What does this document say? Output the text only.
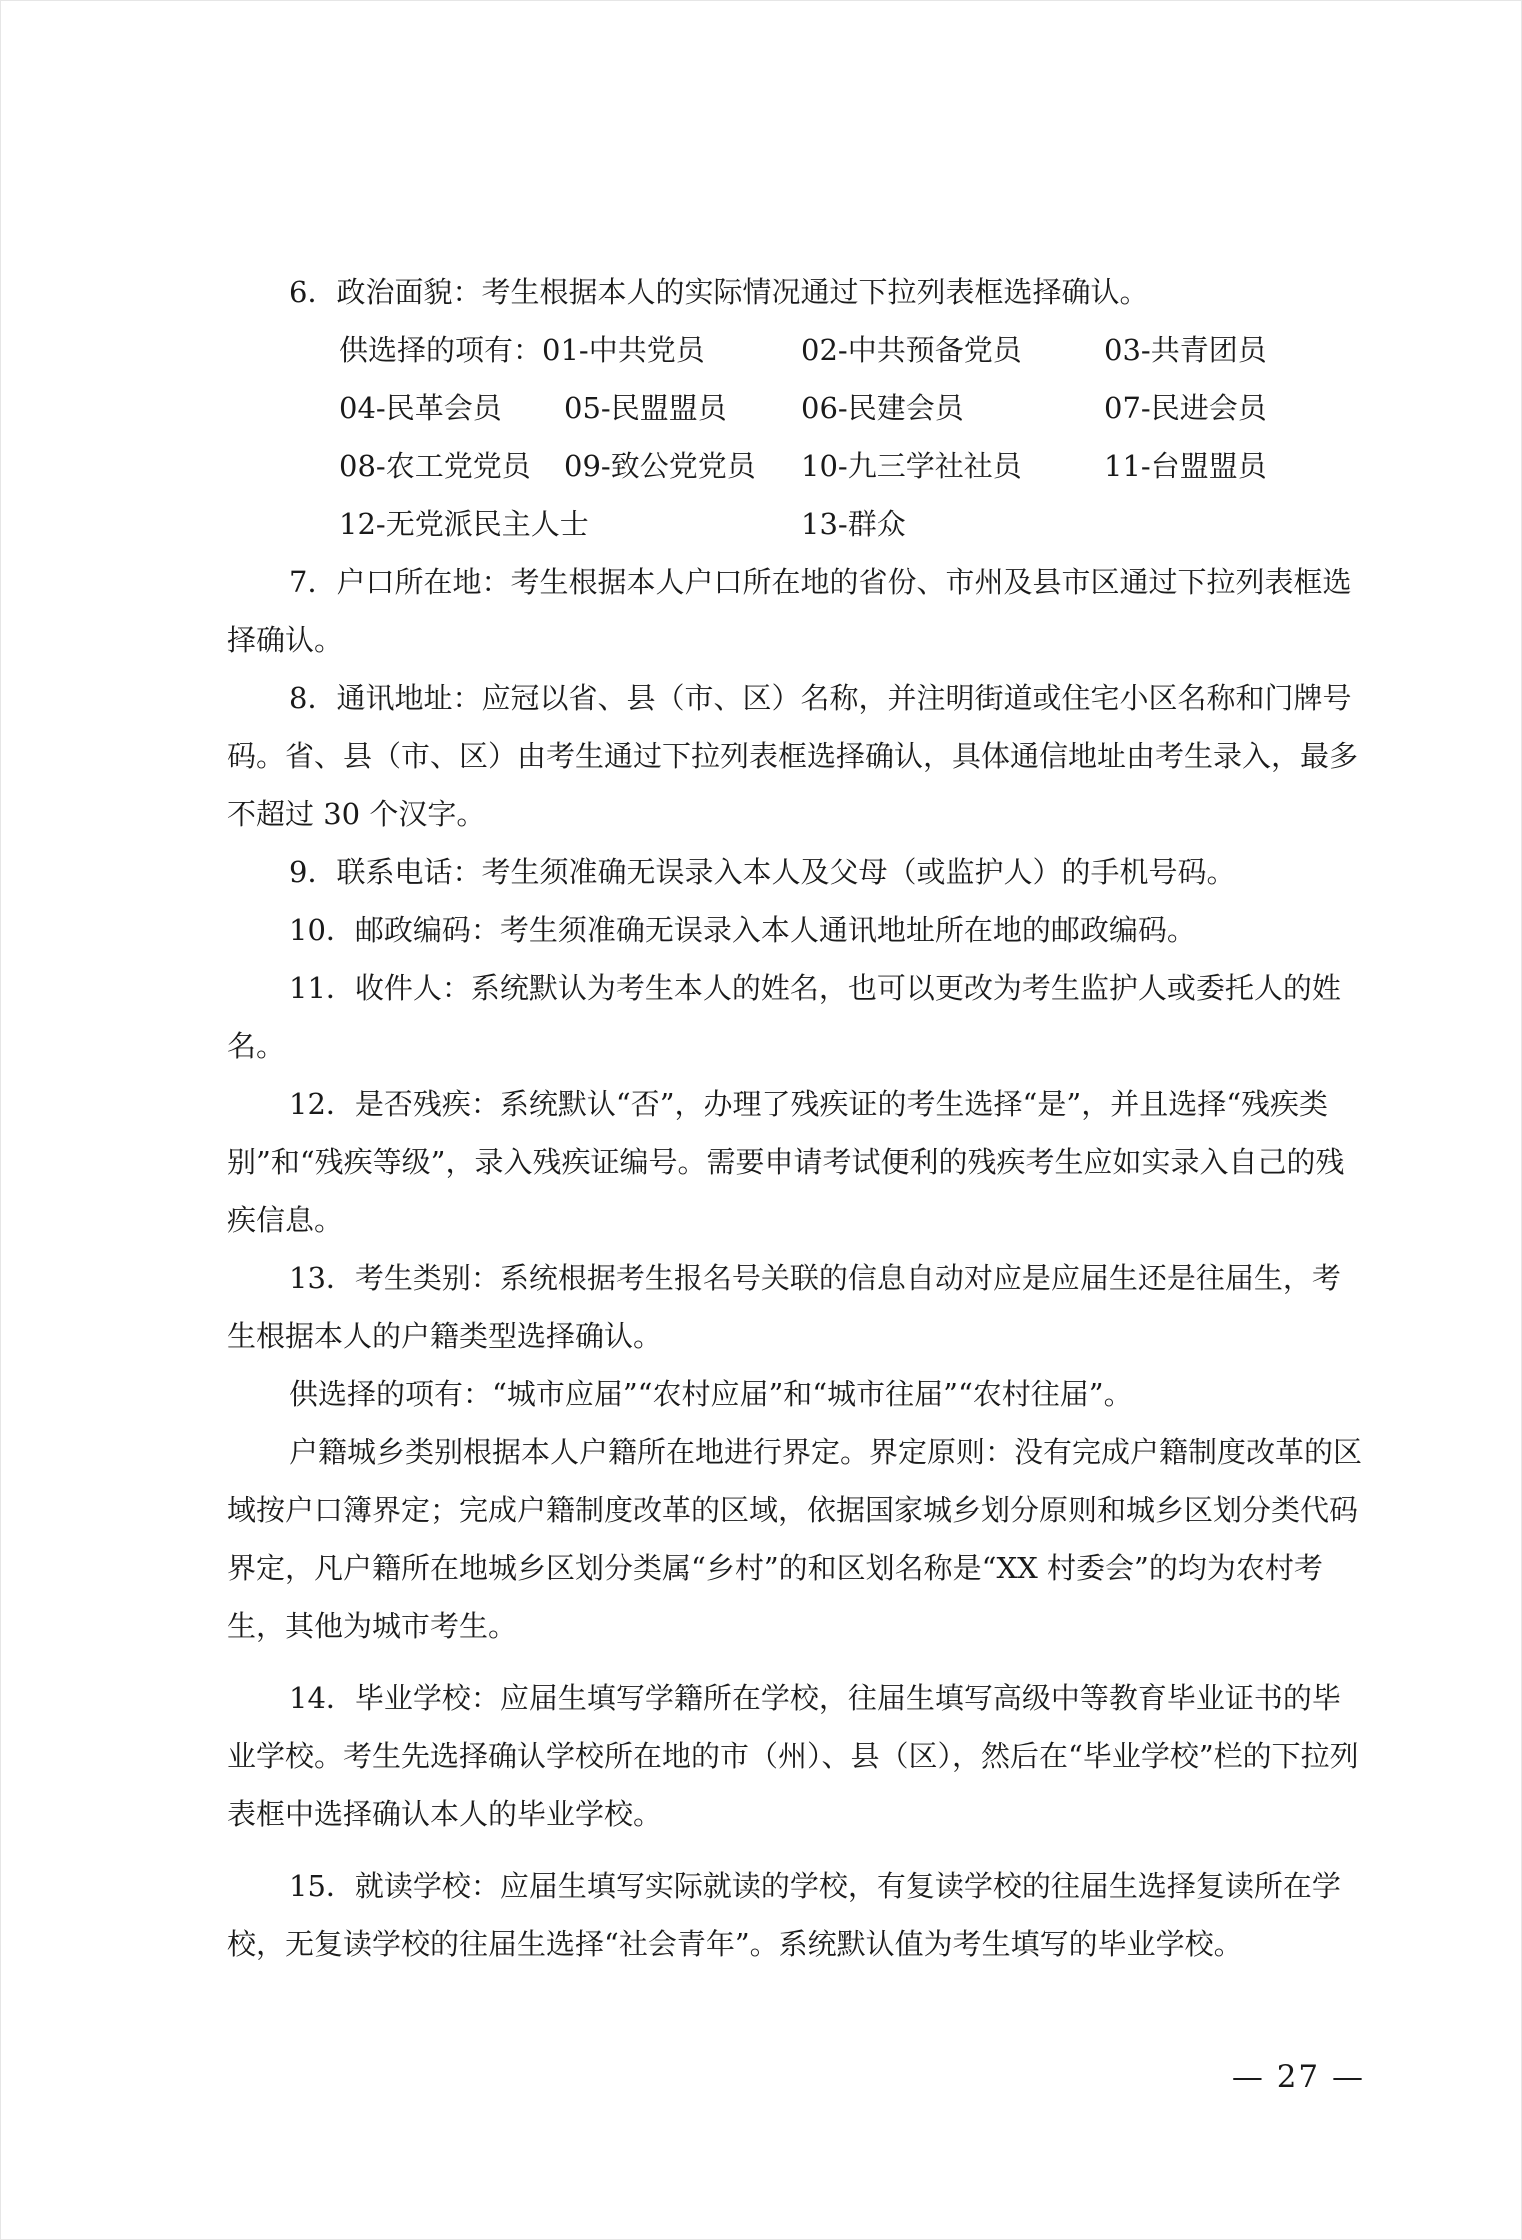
6．政治面貌：考生根据本人的实际情况通过下拉列表框选择确认。

供选择的项有：01-中共党员	02-中共预备党员	03-共青团员
04-民革会员	05-民盟盟员	06-民建会员	07-民进会员
08-农工党党员	09-致公党党员	10-九三学社社员	11-台盟盟员
12-无党派民主人士	13-群众

7．户口所在地：考生根据本人户口所在地的省份、市州及县市区通过下拉列表框选择确认。

8．通讯地址：应冠以省、县（市、区）名称，并注明街道或住宅小区名称和门牌号码。省、县（市、区）由考生通过下拉列表框选择确认，具体通信地址由考生录入，最多不超过 30 个汉字。

9．联系电话：考生须准确无误录入本人及父母（或监护人）的手机号码。

10．邮政编码：考生须准确无误录入本人通讯地址所在地的邮政编码。

11．收件人：系统默认为考生本人的姓名，也可以更改为考生监护人或委托人的姓名。

12．是否残疾：系统默认“否”，办理了残疾证的考生选择“是”，并且选择“残疾类别”和“残疾等级”，录入残疾证编号。需要申请考试便利的残疾考生应如实录入自己的残疾信息。

13．考生类别：系统根据考生报名号关联的信息自动对应是应届生还是往届生，考生根据本人的户籍类型选择确认。

供选择的项有：“城市应届”“农村应届”和“城市往届”“农村往届”。

户籍城乡类别根据本人户籍所在地进行界定。界定原则：没有完成户籍制度改革的区域按户口簿界定；完成户籍制度改革的区域，依据国家城乡划分原则和城乡区划分类代码界定，凡户籍所在地城乡区划分类属“乡村”的和区划名称是“XX 村委会”的均为农村考生，其他为城市考生。

14．毕业学校：应届生填写学籍所在学校，往届生填写高级中等教育毕业证书的毕业学校。考生先选择确认学校所在地的市（州）、县（区），然后在“毕业学校”栏的下拉列表框中选择确认本人的毕业学校。

15．就读学校：应届生填写实际就读的学校，有复读学校的往届生选择复读所在学校，无复读学校的往届生选择“社会青年”。系统默认值为考生填写的毕业学校。

— 27 —
